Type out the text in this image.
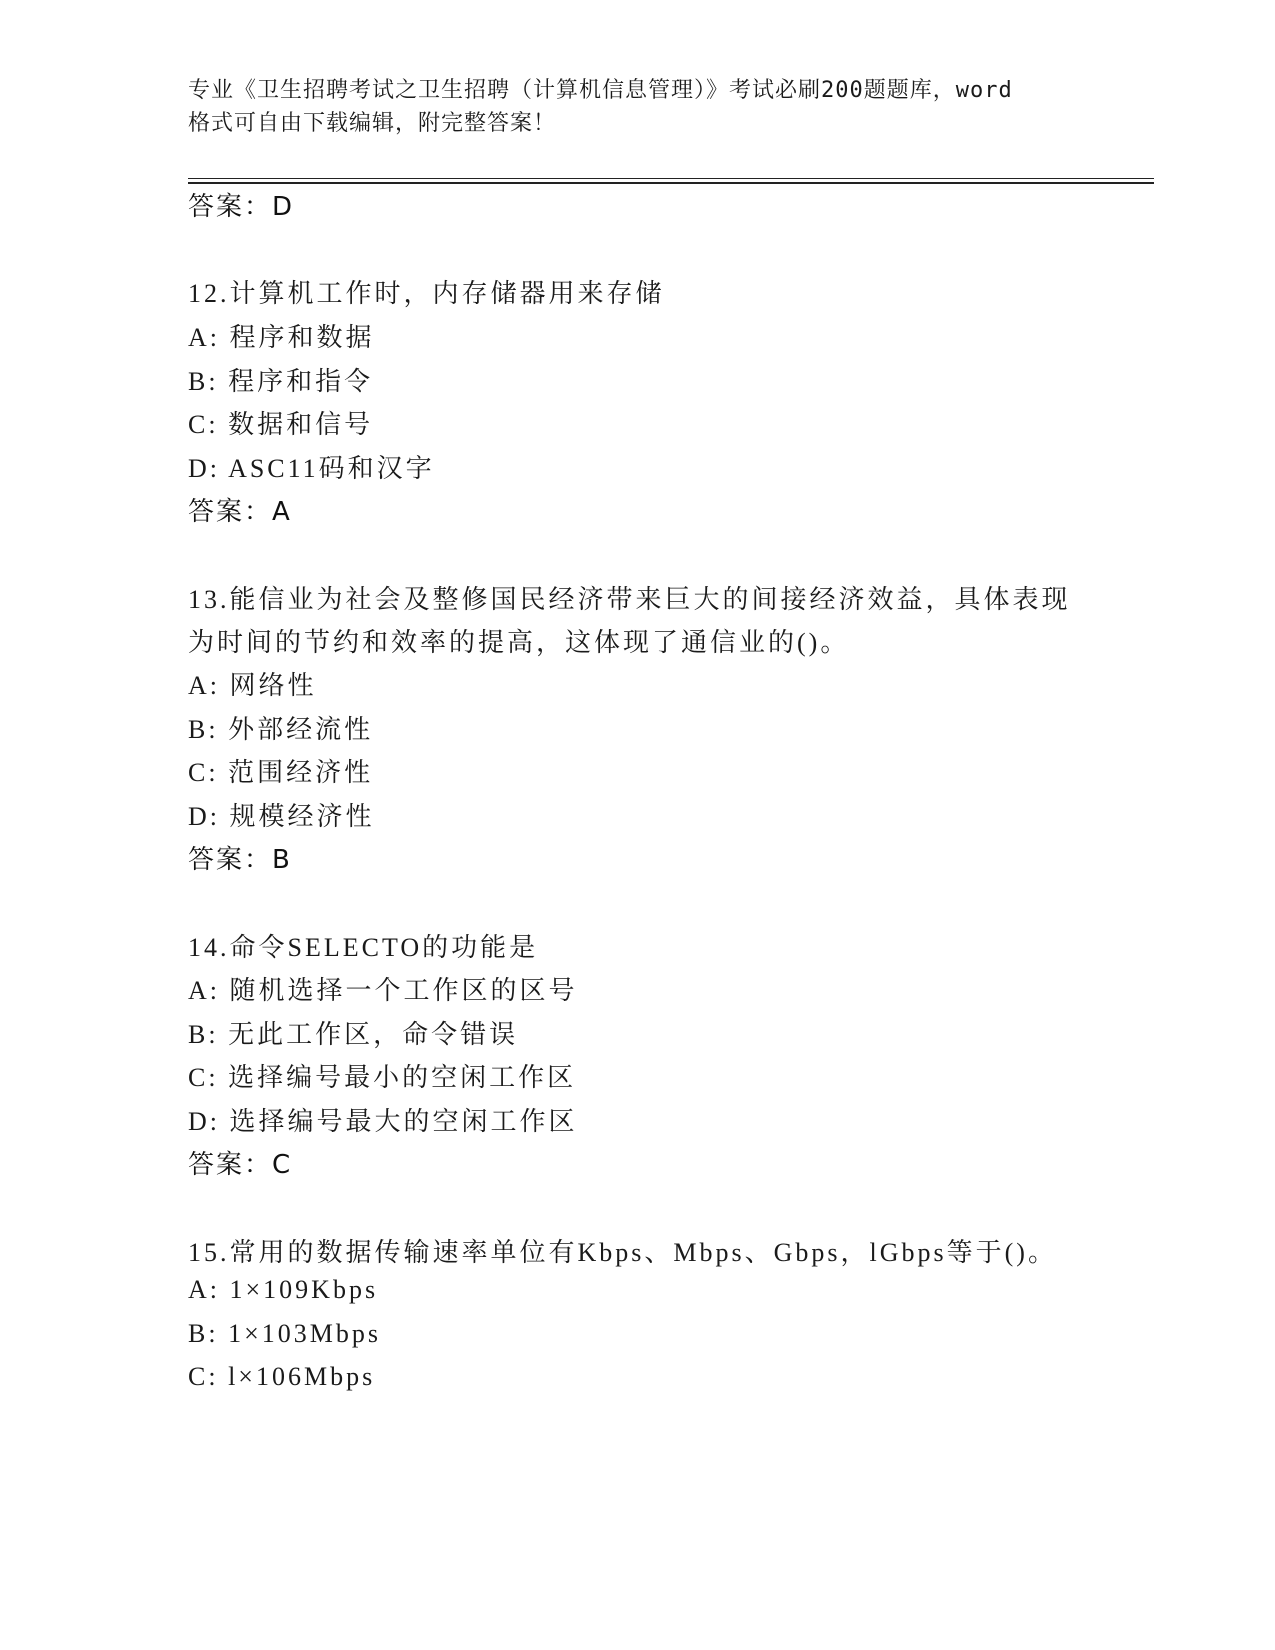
专业《卫生招聘考试之卫生招聘（计算机信息管理）》考试必刷200题题库，word
格式可自由下载编辑，附完整答案！
答案：D
12.计算机工作时，内存储器用来存储
A: 程序和数据
B: 程序和指令
C: 数据和信号
D: ASC11码和汉字
答案：A
13.能信业为社会及整修国民经济带来巨大的间接经济效益，具体表现
为时间的节约和效率的提高，这体现了通信业的()。
A: 网络性
B: 外部经流性
C: 范围经济性
D: 规模经济性
答案：B
14.命令SELECTO的功能是
A: 随机选择一个工作区的区号
B: 无此工作区，命令错误
C: 选择编号最小的空闲工作区
D: 选择编号最大的空闲工作区
答案：C
15.常用的数据传输速率单位有Kbps、Mbps、Gbps，lGbps等于()。
A: 1×109Kbps
B: 1×103Mbps
C: l×106Mbps
